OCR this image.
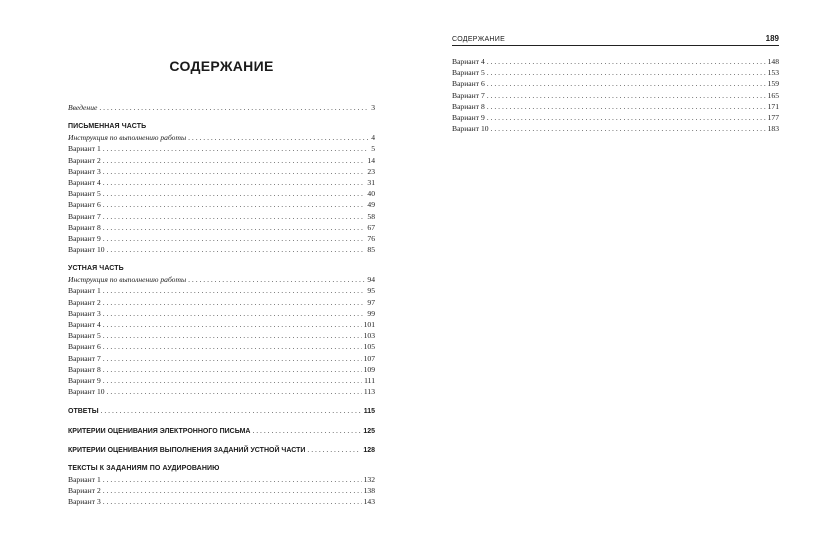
СОДЕРЖАНИЕ
Введение . . .	3
ПИСЬМЕННАЯ ЧАСТЬ
Инструкция по выполнению работы . . .	4
Вариант 1 . . .	5
Вариант 2 . . .	14
Вариант 3 . . .	23
Вариант 4 . . .	31
Вариант 5 . . .	40
Вариант 6 . . .	49
Вариант 7 . . .	58
Вариант 8 . . .	67
Вариант 9 . . .	76
Вариант 10 . . .	85
УСТНАЯ ЧАСТЬ
Инструкция по выполнению работы . . .	94
Вариант 1 . . .	95
Вариант 2 . . .	97
Вариант 3 . . .	99
Вариант 4 . . .	101
Вариант 5 . . .	103
Вариант 6 . . .	105
Вариант 7 . . .	107
Вариант 8 . . .	109
Вариант 9 . . .	111
Вариант 10 . . .	113
ОТВЕТЫ . . .	115
КРИТЕРИИ ОЦЕНИВАНИЯ ЭЛЕКТРОННОГО ПИСЬМА . . .	125
КРИТЕРИИ ОЦЕНИВАНИЯ ВЫПОЛНЕНИЯ ЗАДАНИЙ УСТНОЙ ЧАСТИ . . .	128
ТЕКСТЫ К ЗАДАНИЯМ ПО АУДИРОВАНИЮ
Вариант 1 . . .	132
Вариант 2 . . .	138
Вариант 3 . . .	143
СОДЕРЖАНИЕ	189
Вариант 4 . . .	148
Вариант 5 . . .	153
Вариант 6 . . .	159
Вариант 7 . . .	165
Вариант 8 . . .	171
Вариант 9 . . .	177
Вариант 10 . . .	183
